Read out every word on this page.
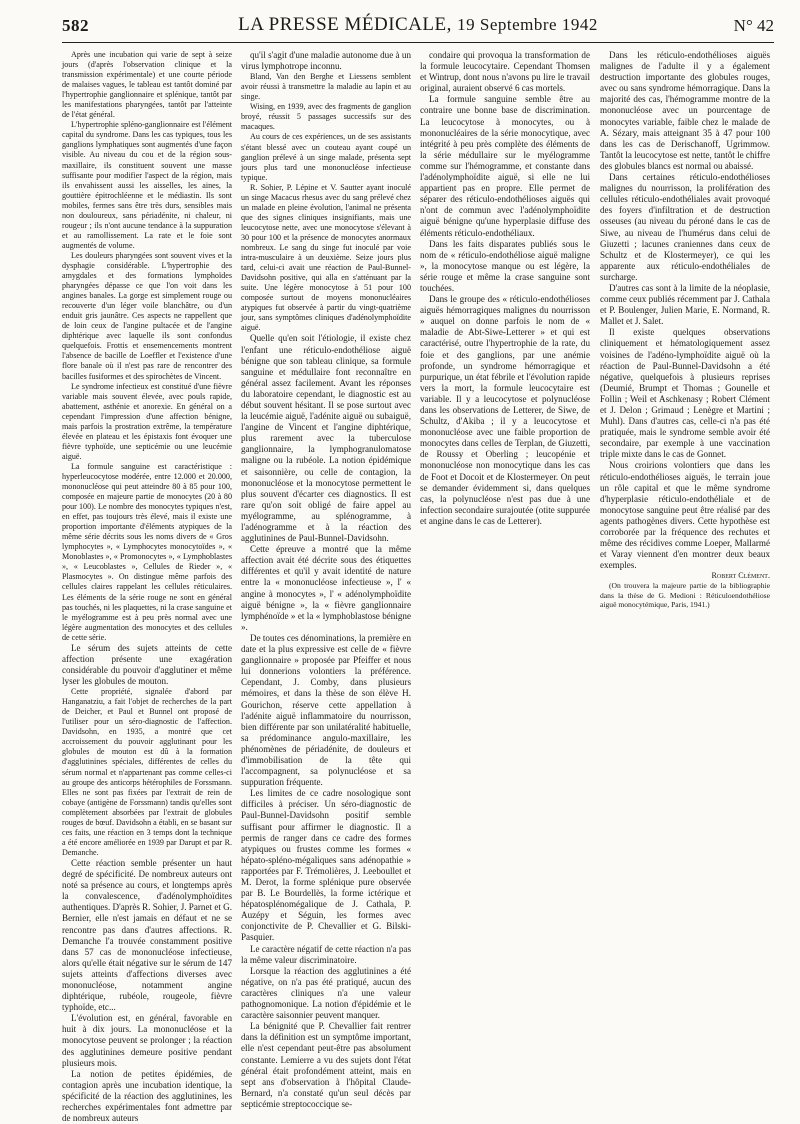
582	LA PRESSE MÉDICALE, 19 Septembre 1942	N° 42

Après une incubation qui varie de sept à seize jours (d'après l'observation clinique et la transmission expérimentale) et une courte période de malaises vagues, le tableau est tantôt dominé par l'hypertrophie ganglionnaire et splénique, tantôt par les manifestations pharyngées, tantôt par l'atteinte de l'état général.

L'hypertrophie spléno-ganglionnaire est l'élément capital du syndrome. Dans les cas typiques, tous les ganglions lymphatiques sont augmentés d'une façon visible. Au niveau du cou et de la région sous-maxillaire, ils constituent souvent une masse suffisante pour modifier l'aspect de la région, mais ils envahissent aussi les aisselles, les aines, la gouttière épitrochléenne et le médiastin. Ils sont mobiles, fermes sans être très durs, sensibles mais non douloureux, sans périadénite, ni chaleur, ni rougeur ; ils n'ont aucune tendance à la suppuration et au ramollissement. La rate et le foie sont augmentés de volume.

Les douleurs pharyngées sont souvent vives et la dysphagie considérable. L'hypertrophie des amygdales et des formations lymphoïdes pharyngées dépasse ce que l'on voit dans les angines banales. La gorge est simplement rouge ou recouverte d'un léger voile blanchâtre, ou d'un enduit gris jaunâtre. Ces aspects ne rappellent que de loin ceux de l'angine pultacée et de l'angine diphtérique avec laquelle ils sont confondus quelquefois. Frottis et ensemencements montrent l'absence de bacille de Loeffler et l'existence d'une flore banale où il n'est pas rare de rencontrer des bacilles fusiformes et des spirochètes de Vincent.

Le syndrome infectieux est constitué d'une fièvre variable mais souvent élevée, avec pouls rapide, abattement, asthénie et anorexie. En général on a cependant l'impression d'une affection bénigne, mais parfois la prostration extrême, la température élevée en plateau et les épistaxis font évoquer une fièvre typhoïde, une septicémie ou une leucémie aiguë.

La formule sanguine est caractéristique : hyperleucocytose modérée, entre 12.000 et 20.000, mononucléose qui peut atteindre 80 à 85 pour 100, composée en majeure partie de monocytes (20 à 80 pour 100). Le nombre des monocytes typiques n'est, en effet, pas toujours très élevé, mais il existe une proportion importante d'éléments atypiques de la même série décrits sous les noms divers de « Gros lymphocytes », « Lymphocytes monocytoïdes », « Monoblastes », « Promonocytes », « Lymphoblastes », « Leucoblastes », Cellules de Rieder », « Plasmocytes ». On distingue même parfois des cellules claires rappelant les cellules réticulaires. Les éléments de la série rouge ne sont en général pas touchés, ni les plaquettes, ni la crase sanguine et le myélogramme est à peu près normal avec une légère augmentation des monocytes et des cellules de cette série.

Le sérum des sujets atteints de cette affection présente une exagération considérable du pouvoir d'agglutiner et même lyser les globules de mouton.

Cette propriété, signalée d'abord par Hanganatziu, a fait l'objet de recherches de la part de Deicher, et Paul et Bunnel ont proposé de l'utiliser pour un séro-diagnostic de l'affection. Davidsohn, en 1935, a montré que cet accroissement du pouvoir agglutinant pour les globules de mouton est dû à la formation d'agglutinines spéciales, différentes de celles du sérum normal et n'appartenant pas comme celles-ci au groupe des anticorps hétérophiles de Forssmann. Elles ne sont pas fixées par l'extrait de rein de cobaye (antigène de Forssmann) tandis qu'elles sont complètement absorbées par l'extrait de globules rouges de bœuf. Davidsohn a établi, en se basant sur ces faits, une réaction en 3 temps dont la technique a été encore améliorée en 1939 par Darupt et par R. Demanche.

Cette réaction semble présenter un haut degré de spécificité. De nombreux auteurs ont noté sa présence au cours, et longtemps après la convalescence, d'adénolymphoïdites authentiques. D'après R. Sohier, J. Parnet et G. Bernier, elle n'est jamais en défaut et ne se rencontre pas dans d'autres affections. R. Demanche l'a trouvée constamment positive dans 57 cas de mononucléose infectieuse, alors qu'elle était négative sur le sérum de 147 sujets atteints d'affections diverses avec mononucléose, notamment angine diphtérique, rubéole, rougeole, fièvre typhoïde, etc...

L'évolution est, en général, favorable en huit à dix jours. La mononucléose et la monocytose peuvent se prolonger ; la réaction des agglutinines demeure positive pendant plusieurs mois.

La notion de petites épidémies, de contagion après une incubation identique, la spécificité de la réaction des agglutinines, les recherches expérimentales font admettre par de nombreux auteurs

qu'il s'agit d'une maladie autonome due à un virus lymphotrope inconnu.

Bland, Van den Berghe et Liessens semblent avoir réussi à transmettre la maladie au lapin et au singe.

Wising, en 1939, avec des fragments de ganglion broyé, réussit 5 passages successifs sur des macaques.

Au cours de ces expériences, un de ses assistants s'étant blessé avec un couteau ayant coupé un ganglion prélevé à un singe malade, présenta sept jours plus tard une mononucléose infectieuse typique.

R. Sohier, P. Lépine et V. Sautter ayant inoculé un singe Macacus rhesus avec du sang prélevé chez un malade en pleine évolution, l'animal ne présenta que des signes cliniques insignifiants, mais une leucocytose nette, avec une monocytose s'élevant à 30 pour 100 et la présence de monocytes anormaux nombreux. Le sang du singe fut inoculé par voie intra-musculaire à un deuxième. Seize jours plus tard, celui-ci avait une réaction de Paul-Bunnel-Davidsohn positive, qui alla en s'atténuant par la suite. Une légère monocytose à 51 pour 100 composée surtout de moyens mononucléaires atypiques fut observée à partir du vingt-quatrième jour, sans symptômes cliniques d'adénolymphoïdite aiguë.

Quelle qu'en soit l'étiologie, il existe chez l'enfant une réticulo-endothéliose aiguë bénigne que son tableau clinique, sa formule sanguine et médullaire font reconnaître en général assez facilement. Avant les réponses du laboratoire cependant, le diagnostic est au début souvent hésitant. Il se pose surtout avec la leucémie aiguë, l'adénite aiguë ou subaiguë, l'angine de Vincent et l'angine diphtérique, plus rarement avec la tuberculose ganglionnaire, la lymphogranulomatose maligne ou la rubéole. La notion épidémique et saisonnière, ou celle de contagion, la mononucléose et la monocytose permettent le plus souvent d'écarter ces diagnostics. Il est rare qu'on soit obligé de faire appel au myélogramme, au splénogramme, à l'adénogramme et à la réaction des agglutinines de Paul-Bunnel-Davidsohn.

Cette épreuve a montré que la même affection avait été décrite sous des étiquettes différentes et qu'il y avait identité de nature entre la « mononucléose infectieuse », l' « angine à monocytes », l' « adénolymphoïdite aiguë bénigne », la « fièvre ganglionnaire lymphénoïde » et la « lymphoblastose bénigne ».

De toutes ces dénominations, la première en date et la plus expressive est celle de « fièvre ganglionnaire » proposée par Pfeiffer et nous lui donnerions volontiers la préférence. Cependant, J. Comby, dans plusieurs mémoires, et dans la thèse de son élève H. Gourichon, réserve cette appellation à l'adénite aiguë inflammatoire du nourrisson, bien différente par son unilatéralité habituelle, sa prédominance angulo-maxillaire, les phénomènes de périadénite, de douleurs et d'immobilisation de la tête qui l'accompagnent, sa polynucléose et sa suppuration fréquente.

Les limites de ce cadre nosologique sont difficiles à préciser. Un séro-diagnostic de Paul-Bunnel-Davidsohn positif semble suffisant pour affirmer le diagnostic. Il a permis de ranger dans ce cadre des formes atypiques ou frustes comme les formes « hépato-spléno-mégaliques sans adénopathie » rapportées par F. Trémolières, J. Leeboullet et M. Derot, la forme splénique pure observée par B. Le Bourdellès, la forme ictérique et hépatosplénomégalique de J. Cathala, P. Auzépy et Séguin, les formes avec conjonctivite de P. Chevallier et G. Bilski-Pasquier.

Le caractère négatif de cette réaction n'a pas la même valeur discriminatoire.

Lorsque la réaction des agglutinines a été négative, on n'a pas été pratiqué, aucun des caractères cliniques n'a une valeur pathognomonique. La notion d'épidémie et le caractère saisonnier peuvent manquer.

La bénignité que P. Chevallier fait rentrer dans la définition est un symptôme important, elle n'est cependant peut-être pas absolument constante. Lemierre a vu des sujets dont l'état général était profondément atteint, mais en sept ans d'observation à l'hôpital Claude-Bernard, n'a constaté qu'un seul décès par septicémie streptococcique se-

condaire qui provoqua la transformation de la formule leucocytaire. Cependant Thomsen et Wintrup, dont nous n'avons pu lire le travail original, auraient observé 6 cas mortels.

La formule sanguine semble être au contraire une bonne base de discrimination. La leucocytose à monocytes, ou à mononucléaires de la série monocytique, avec intégrité à peu près complète des éléments de la série médullaire sur le myélogramme comme sur l'hémogramme, et constante dans l'adénolymphoïdite aiguë, si elle ne lui appartient pas en propre. Elle permet de séparer des réticulo-endothélioses aiguës qui n'ont de commun avec l'adénolymphoïdite aiguë bénigne qu'une hyperplasie diffuse des éléments réticulo-endothéliaux.

Dans les faits disparates publiés sous le nom de « réticulo-endothéliose aiguë maligne », la monocytose manque ou est légère, la série rouge et même la crase sanguine sont touchées.

Dans le groupe des « réticulo-endothélioses aiguës hémorragiques malignes du nourrisson » auquel on donne parfois le nom de « maladie de Abt-Siwe-Letterer » et qui est caractérisé, outre l'hypertrophie de la rate, du foie et des ganglions, par une anémie profonde, un syndrome hémorragique et purpurique, un état fébrile et l'évolution rapide vers la mort, la formule leucocytaire est variable. Il y a leucocytose et polynucléose dans les observations de Letterer, de Siwe, de Schultz, d'Akiba ; il y a leucocytose et mononucléose avec une faible proportion de monocytes dans celles de Terplan, de Giuzetti, de Roussy et Oberling ; leucopénie et mononucléose non monocytique dans les cas de Foot et Docoit et de Klostermeyer. On peut se demander évidemment si, dans quelques cas, la polynucléose n'est pas due à une infection secondaire surajoutée (otite suppurée et angine dans le cas de Letterer).

Dans les réticulo-endothélioses aiguës malignes de l'adulte il y a également destruction importante des globules rouges, avec ou sans syndrome hémorragique. Dans la majorité des cas, l'hémogramme montre de la mononucléose avec un pourcentage de monocytes variable, faible chez le malade de A. Sézary, mais atteignant 35 à 47 pour 100 dans les cas de Derischanoff, Ugrimmow. Tantôt la leucocytose est nette, tantôt le chiffre des globules blancs est normal ou abaissé.

Dans certaines réticulo-endothélioses malignes du nourrisson, la prolifération des cellules réticulo-endothéliales avait provoqué des foyers d'infiltration et de destruction osseuses (au niveau du péroné dans le cas de Siwe, au niveau de l'humérus dans celui de Giuzetti ; lacunes craniennes dans ceux de Schultz et de Klostermeyer), ce qui les apparente aux réticulo-endothéliales de surcharge.

D'autres cas sont à la limite de la néoplasie, comme ceux publiés récemment par J. Cathala et P. Boulenger, Julien Marie, E. Normand, R. Mallet et J. Salet.

Il existe quelques observations cliniquement et hématologiquement assez voisines de l'adéno-lymphoïdite aiguë où la réaction de Paul-Bunnel-Davidsohn a été négative, quelquefois à plusieurs reprises (Deumié, Brumpt et Thomas ; Gounelle et Follin ; Weil et Aschkenasy ; Robert Clément et J. Delon ; Grimaud ; Lenègre et Martini ; Muhl). Dans d'autres cas, celle-ci n'a pas été pratiquée, mais le syndrome semble avoir été secondaire, par exemple à une vaccination triple mixte dans le cas de Gonnet.

Nous croirions volontiers que dans les réticulo-endothélioses aiguës, le terrain joue un rôle capital et que le même syndrome d'hyperplasie réticulo-endothéliale et de monocytose sanguine peut être réalisé par des agents pathogènes divers. Cette hypothèse est corroborée par la fréquence des rechutes et même des récidives comme Loeper, Mallarmé et Varay viennent d'en montrer deux beaux exemples.

Robert Clément.

(On trouvera la majeure partie de la bibliographie dans la thèse de G. Medioni : Réticuloendothéliose aiguë monocytémique, Paris, 1941.)
